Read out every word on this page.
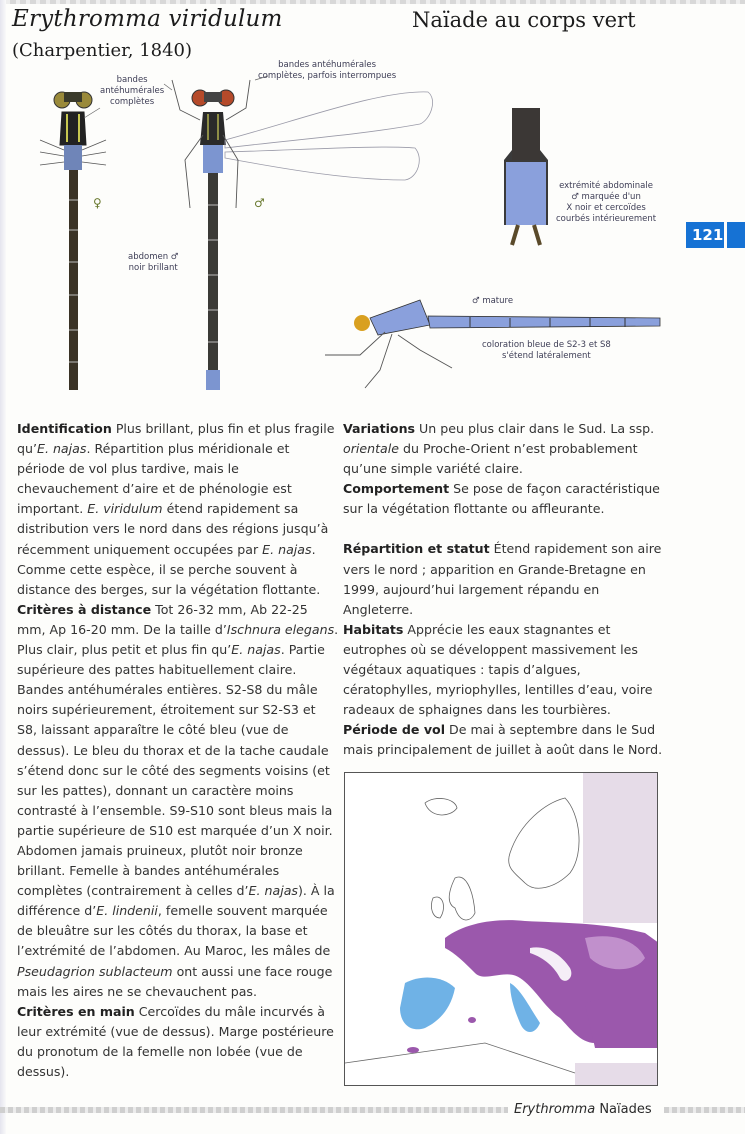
Erythromma viridulum
(Charpentier, 1840)
Naïade au corps vert
bandes
antéhumérales
complètes
bandes antéhumérales
complètes, parfois interrompues
♀	♂
abdomen ♂
noir brillant
extrémité abdominale
♂ marquée d'un
X noir et cercoïdes
courbés intérieurement
♂ mature
coloration bleue de S2-3 et S8
s'étend latéralement
121

Identification Plus brillant, plus fin et plus fragile qu’E. najas. Répartition plus méridionale et période de vol plus tardive, mais le chevauchement d’aire et de phénologie est important. E. viridulum étend rapidement sa distribution vers le nord dans des régions jusqu’à récemment uniquement occupées par E. najas. Comme cette espèce, il se perche souvent à distance des berges, sur la végétation flottante.

Critères à distance Tot 26-32 mm, Ab 22-25 mm, Ap 16-20 mm. De la taille d’Ischnura elegans. Plus clair, plus petit et plus fin qu’E. najas. Partie supérieure des pattes habituellement claire. Bandes antéhumérales entières. S2-S8 du mâle noirs supérieurement, étroitement sur S2-S3 et S8, laissant apparaître le côté bleu (vue de dessus). Le bleu du thorax et de la tache caudale s’étend donc sur le côté des segments voisins (et sur les pattes), donnant un caractère moins contrasté à l’ensemble. S9-S10 sont bleus mais la partie supérieure de S10 est marquée d’un X noir. Abdomen jamais pruineux, plutôt noir bronze brillant. Femelle à bandes antéhumérales complètes (contrairement à celles d’E. najas). À la différence d’E. lindenii, femelle souvent marquée de bleuâtre sur les côtés du thorax, la base et l’extrémité de l’abdomen. Au Maroc, les mâles de Pseudagrion sublacteum ont aussi une face rouge mais les aires ne se chevauchent pas.

Critères en main Cercoïdes du mâle incurvés à leur extrémité (vue de dessus). Marge postérieure du pronotum de la femelle non lobée (vue de dessus).

Variations Un peu plus clair dans le Sud. La ssp. orientale du Proche-Orient n’est probablement qu’une simple variété claire.

Comportement Se pose de façon caractéristique sur la végétation flottante ou affleurante.

Répartition et statut Étend rapidement son aire vers le nord ; apparition en Grande-Bretagne en 1999, aujourd’hui largement répandu en Angleterre.

Habitats Apprécie les eaux stagnantes et eutrophes où se développent massivement les végétaux aquatiques : tapis d’algues, cératophylles, myriophylles, lentilles d’eau, voire radeaux de sphaignes dans les tourbières.

Période de vol De mai à septembre dans le Sud mais principalement de juillet à août dans le Nord.

Erythromma Naïades
